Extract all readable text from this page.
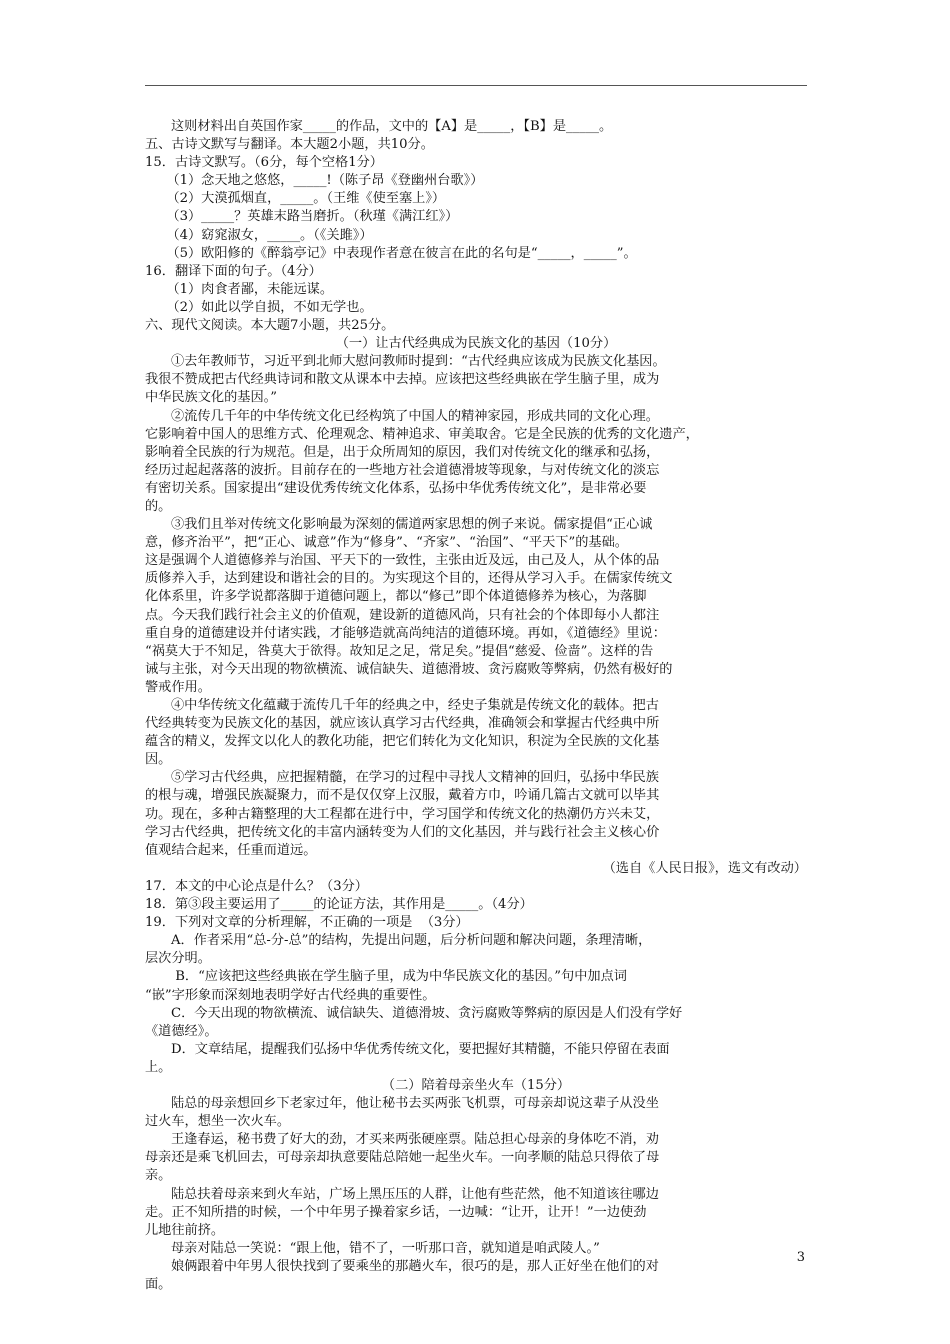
这则材料出自英国作家_____的作品，文中的【A】是_____，【B】是_____。
五、古诗文默写与翻译。本大题2小题，共10分。
15．古诗文默写。（6分，每个空格1分）
（1）念天地之悠悠，_____!（陈子昂《登幽州台歌》）
（2）大漠孤烟直，_____。（王维《使至塞上》）
（3）_____？英雄末路当磨折。（秋瑾《满江红》）
（4）窈窕淑女，_____。（《关雎》）
（5）欧阳修的《醉翁亭记》中表现作者意在彼言在此的名句是“_____，_____”。
16．翻译下面的句子。（4分）
（1）肉食者鄙，未能远谋。
（2）如此以学自损，不如无学也。
六、现代文阅读。本大题7小题，共25分。
（一）让古代经典成为民族文化的基因（10分）
①去年教师节，习近平到北师大慰问教师时提到：“古代经典应该成为民族文化基因。
我很不赞成把古代经典诗词和散文从课本中去掉。应该把这些经典嵌在学生脑子里，成为
中华民族文化的基因。”
②流传几千年的中华传统文化已经构筑了中国人的精神家园，形成共同的文化心理。
它影响着中国人的思维方式、伦理观念、精神追求、审美取舍。它是全民族的优秀的文化遗产，
影响着全民族的行为规范。但是，出于众所周知的原因，我们对传统文化的继承和弘扬，
经历过起起落落的波折。目前存在的一些地方社会道德滑坡等现象，与对传统文化的淡忘
有密切关系。国家提出“建设优秀传统文化体系，弘扬中华优秀传统文化”，是非常必要
的。
③我们且举对传统文化影响最为深刻的儒道两家思想的例子来说。儒家提倡“正心诚
意，修齐治平”，把“正心、诚意”作为“修身”、“齐家”、“治国”、“平天下”的基础。
这是强调个人道德修养与治国、平天下的一致性，主张由近及远，由己及人，从个体的品
质修养入手，达到建设和谐社会的目的。为实现这个目的，还得从学习入手。在儒家传统文
化体系里，许多学说都落脚于道德问题上，都以“修己”即个体道德修养为核心，为落脚
点。今天我们践行社会主义的价值观，建设新的道德风尚，只有社会的个体即每小人都注
重自身的道德建设并付诸实践，才能够造就高尚纯洁的道德环境。再如，《道德经》里说：
“祸莫大于不知足，咎莫大于欲得。故知足之足，常足矣。”提倡“慈爱、俭啬”。这样的告
诫与主张，对今天出现的物欲横流、诚信缺失、道德滑坡、贪污腐败等弊病，仍然有极好的
警戒作用。
④中华传统文化蕴藏于流传几千年的经典之中，经史子集就是传统文化的载体。把古
代经典转变为民族文化的基因，就应该认真学习古代经典，准确领会和掌握古代经典中所
蕴含的精义，发挥文以化人的教化功能，把它们转化为文化知识，积淀为全民族的文化基
因。
⑤学习古代经典，应把握精髓，在学习的过程中寻找人文精神的回归，弘扬中华民族
的根与魂，增强民族凝聚力，而不是仅仅穿上汉服，戴着方巾，吟诵几篇古文就可以毕其
功。现在，多种古籍整理的大工程都在进行中，学习国学和传统文化的热潮仍方兴未艾，
学习古代经典，把传统文化的丰富内涵转变为人们的文化基因，并与践行社会主义核心价
值观结合起来，任重而道远。
（选自《人民日报》，选文有改动）
17．本文的中心论点是什么？（3分）
18．第③段主要运用了_____的论证方法，其作用是_____。（4分）
19．下列对文章的分析理解，不正确的一项是  （3分）
A．作者采用“总-分-总”的结构，先提出问题，后分析问题和解决问题，条理清晰，
层次分明。
B．“应该把这些经典嵌在学生脑子里，成为中华民族文化的基因。”句中加点词
“嵌”字形象而深刻地表明学好古代经典的重要性。
C．今天出现的物欲横流、诚信缺失、道德滑坡、贪污腐败等弊病的原因是人们没有学好
《道德经》。
D．文章结尾，提醒我们弘扬中华优秀传统文化，要把握好其精髓，不能只停留在表面
上。
（二）陪着母亲坐火车（15分）
陆总的母亲想回乡下老家过年，他让秘书去买两张飞机票，可母亲却说这辈子从没坐
过火车，想坐一次火车。
王逢春运，秘书费了好大的劲，才买来两张硬座票。陆总担心母亲的身体吃不消，劝
母亲还是乘飞机回去，可母亲却执意要陆总陪她一起坐火车。一向孝顺的陆总只得依了母
亲。
陆总扶着母亲来到火车站，广场上黑压压的人群，让他有些茫然，他不知道该往哪边
走。正不知所措的时候，一个中年男子操着家乡话，一边喊：“让开，让开！”一边使劲
儿地往前挤。
母亲对陆总一笑说：“跟上他，错不了，一听那口音，就知道是咱武陵人。”
娘俩跟着中年男人很快找到了要乘坐的那趟火车，很巧的是，那人正好坐在他们的对
面。
3
